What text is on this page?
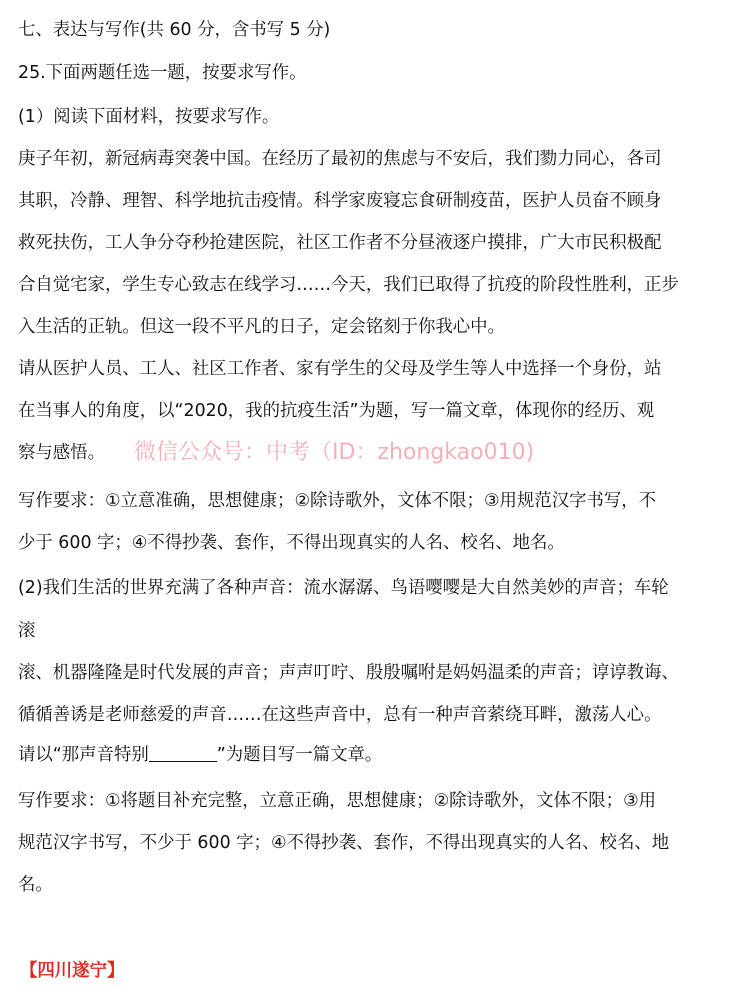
七、表达与写作(共 60 分，含书写 5 分)
25.下面两题任选一题，按要求写作。
(1）阅读下面材料，按要求写作。
庚子年初，新冠病毒突袭中国。在经历了最初的焦虑与不安后，我们勠力同心，各司
其职，冷静、理智、科学地抗击疫情。科学家废寝忘食研制疫苗，医护人员奋不顾身
救死扶伤，工人争分夺秒抢建医院，社区工作者不分昼液逐户摸排，广大市民积极配
合自觉宅家，学生专心致志在线学习……今天，我们已取得了抗疫的阶段性胜利，正步
入生活的正轨。但这一段不平凡的日子，定会铭刻于你我心中。
请从医护人员、工人、社区工作者、家有学生的父母及学生等人中选择一个身份，站
在当事人的角度，以“2020，我的抗疫生活”为题，写一篇文章，体现你的经历、观
察与感悟。	微信公众号：中考（ID：zhongkao010)
写作要求：①立意准确，思想健康；②除诗歌外，文体不限；③用规范汉字书写，不
少于 600 字；④不得抄袭、套作，不得出现真实的人名、校名、地名。
(2)我们生活的世界充满了各种声音：流水潺潺、鸟语嘤嘤是大自然美妙的声音；车轮
滚
滚、机器隆隆是时代发展的声音；声声叮咛、殷殷嘱咐是妈妈温柔的声音；谆谆教诲、
循循善诱是老师慈爱的声音……在这些声音中，总有一种声音萦绕耳畔，激荡人心。
请以“那声音特别	”为题目写一篇文章。
写作要求：①将题目补充完整，立意正确，思想健康；②除诗歌外，文体不限；③用
规范汉字书写，不少于 600 字；④不得抄袭、套作，不得出现真实的人名、校名、地
名。
【四川遂宁】
